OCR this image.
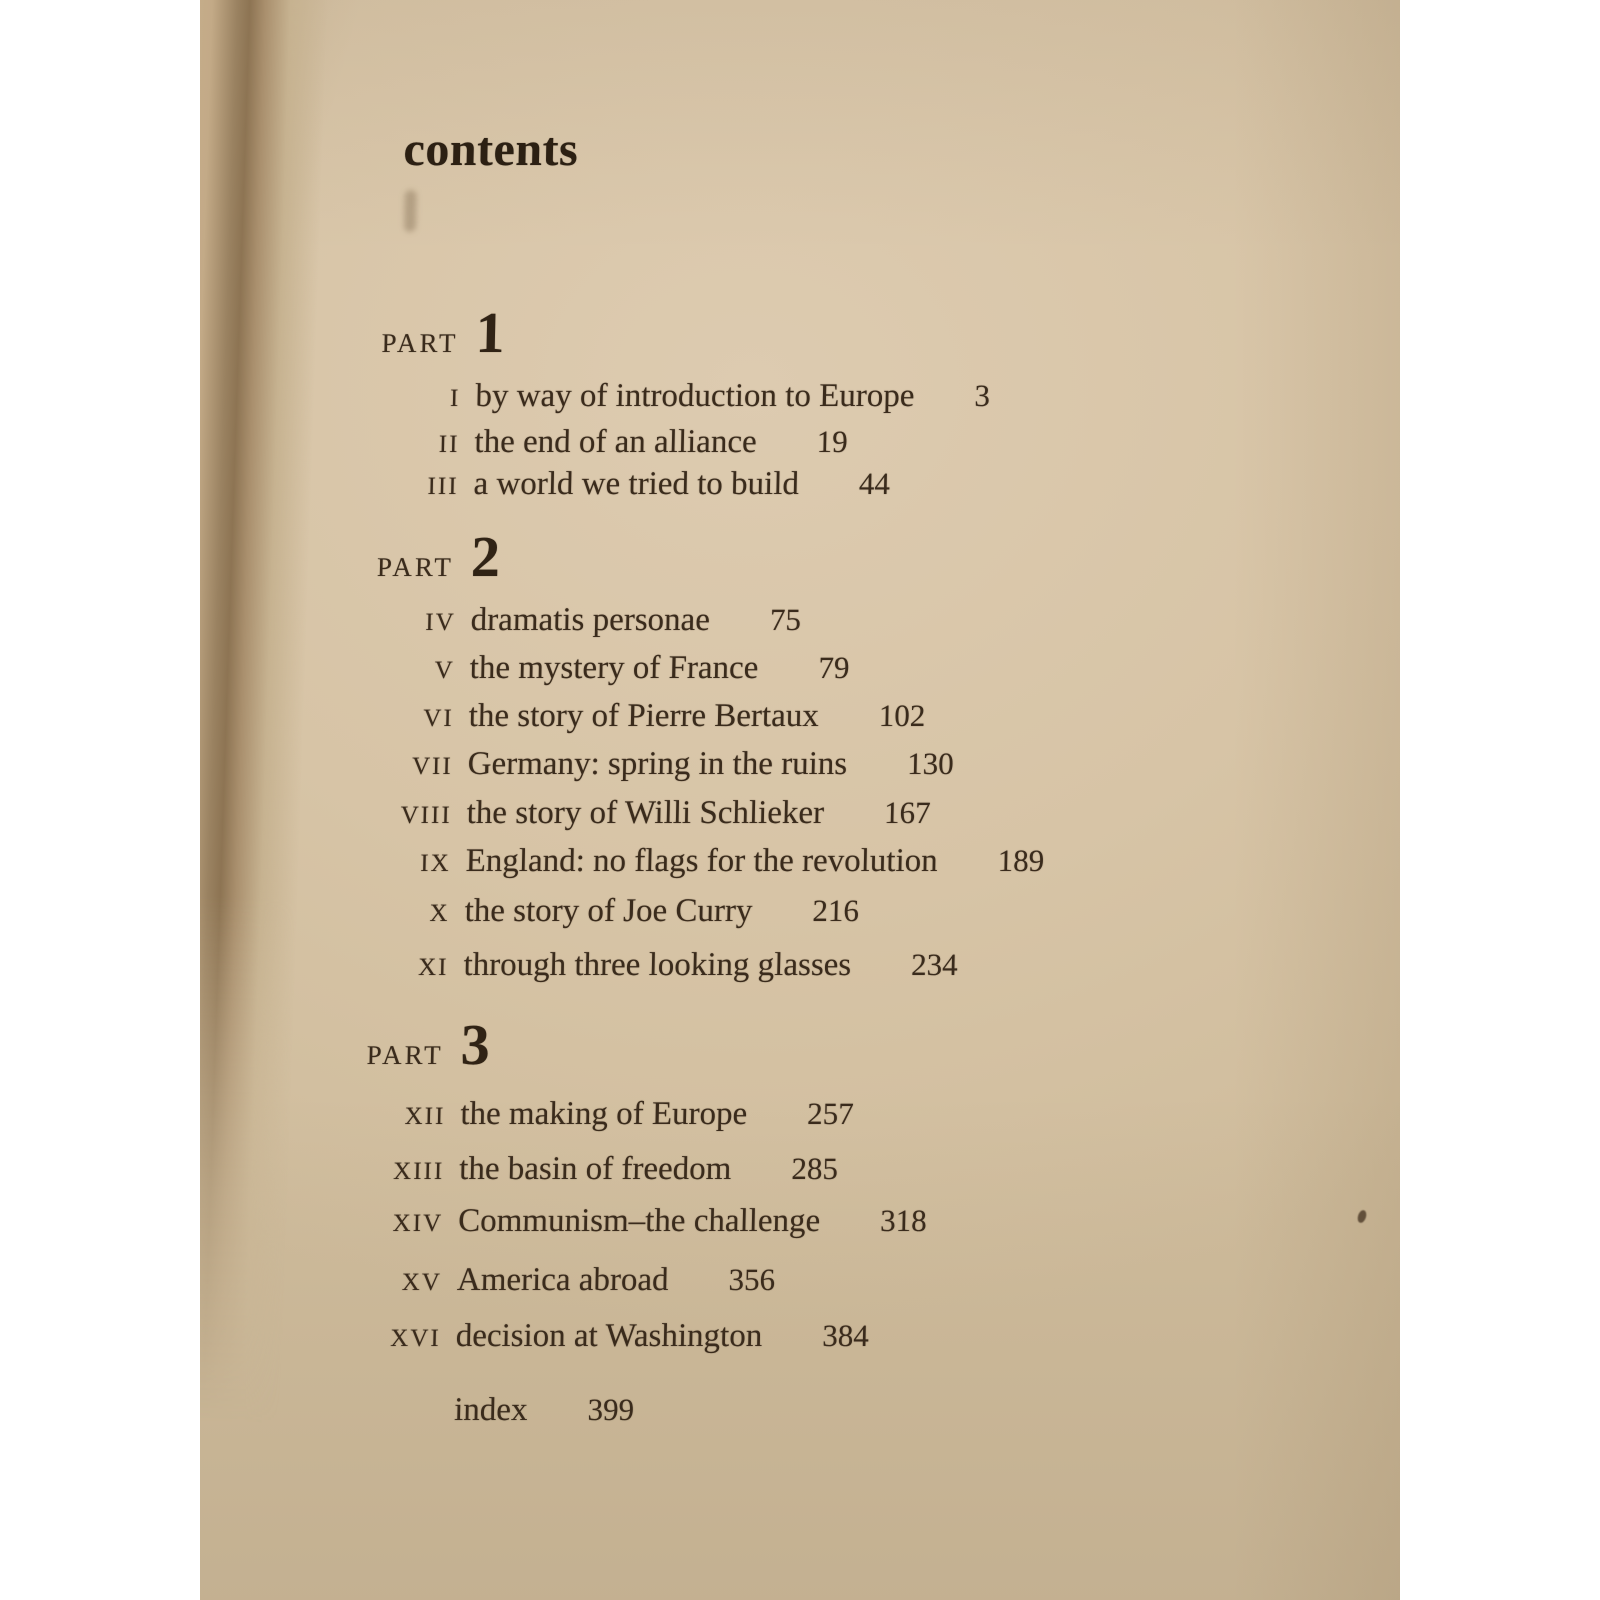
contents
PART 1
I by way of introduction to Europe 3
II the end of an alliance 19
III a world we tried to build 44
PART 2
IV dramatis personae 75
V the mystery of France 79
VI the story of Pierre Bertaux 102
VII Germany: spring in the ruins 130
VIII the story of Willi Schlieker 167
IX England: no flags for the revolution 189
X the story of Joe Curry 216
XI through three looking glasses 234
PART 3
XII the making of Europe 257
XIII the basin of freedom 285
XIV Communism–the challenge 318
XV America abroad 356
XVI decision at Washington 384
index 399
